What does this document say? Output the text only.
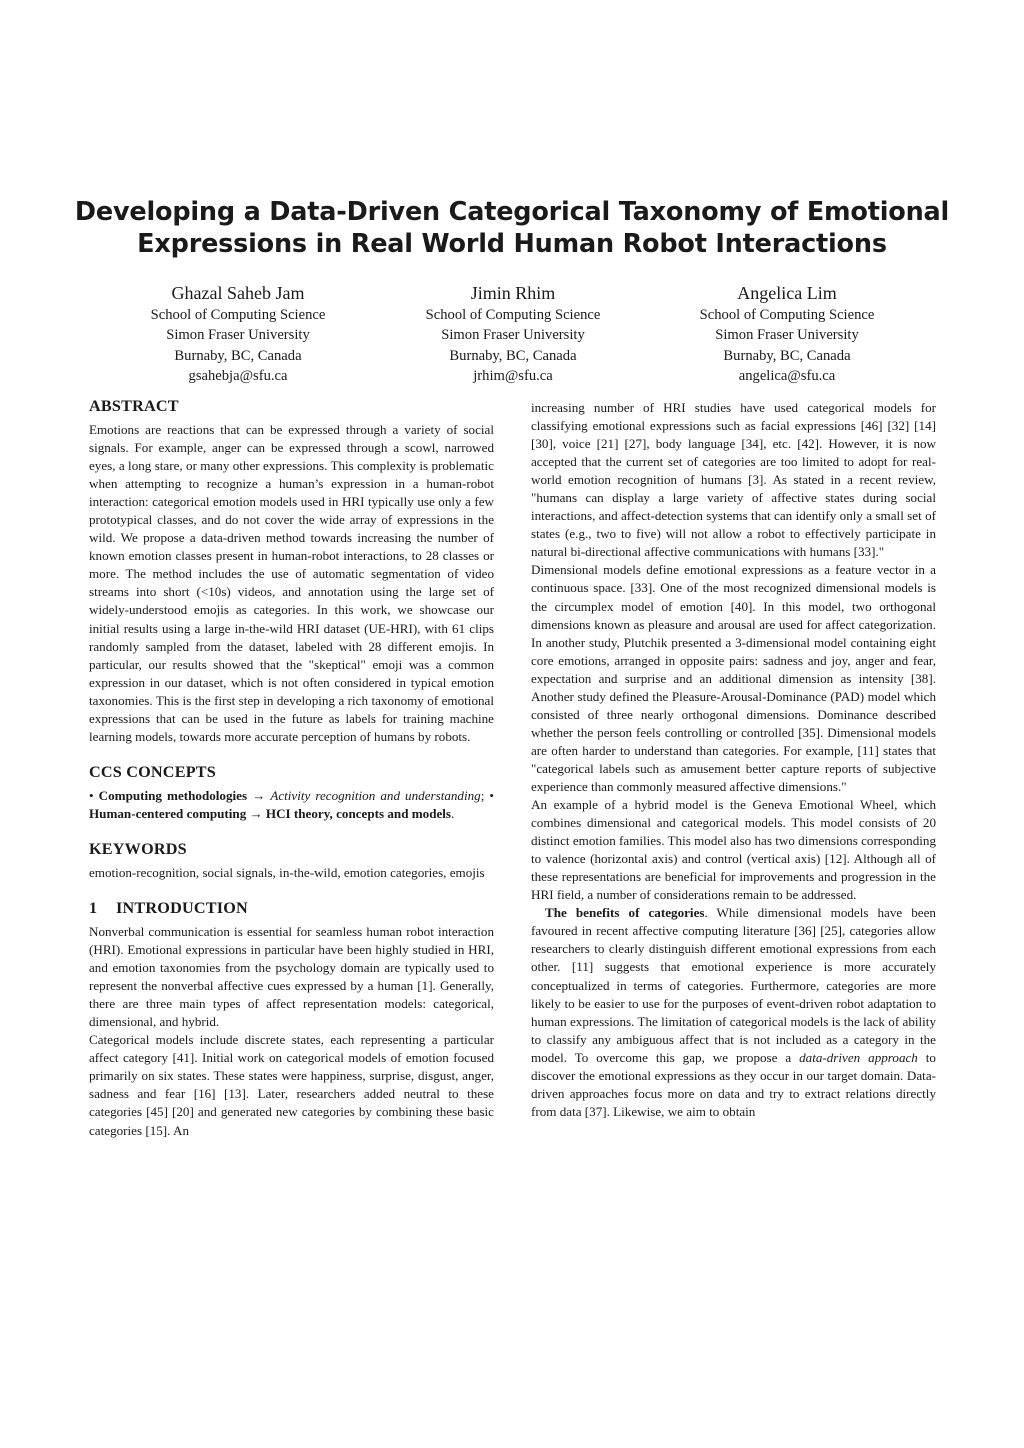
Developing a Data-Driven Categorical Taxonomy of Emotional
Expressions in Real World Human Robot Interactions
Ghazal Saheb Jam
School of Computing Science
Simon Fraser University
Burnaby, BC, Canada
gsahebja@sfu.ca
Jimin Rhim
School of Computing Science
Simon Fraser University
Burnaby, BC, Canada
jrhim@sfu.ca
Angelica Lim
School of Computing Science
Simon Fraser University
Burnaby, BC, Canada
angelica@sfu.ca
ABSTRACT

Emotions are reactions that can be expressed through a variety of social signals. For example, anger can be expressed through a scowl, narrowed eyes, a long stare, or many other expressions. This complexity is problematic when attempting to recognize a human’s expression in a human-robot interaction: categorical emotion models used in HRI typically use only a few prototypical classes, and do not cover the wide array of expressions in the wild. We propose a data-driven method towards increasing the number of known emotion classes present in human-robot interactions, to 28 classes or more. The method includes the use of automatic segmentation of video streams into short (<10s) videos, and annotation using the large set of widely-understood emojis as categories. In this work, we showcase our initial results using a large in-the-wild HRI dataset (UE-HRI), with 61 clips randomly sampled from the dataset, labeled with 28 different emojis. In particular, our results showed that the "skeptical" emoji was a common expression in our dataset, which is not often considered in typical emotion taxonomies. This is the first step in developing a rich taxonomy of emotional expressions that can be used in the future as labels for training machine learning models, towards more accurate perception of humans by robots.

CCS CONCEPTS

• Computing methodologies → Activity recognition and understanding; • Human-centered computing → HCI theory, concepts and models.

KEYWORDS

emotion-recognition, social signals, in-the-wild, emotion categories, emojis

1 INTRODUCTION

Nonverbal communication is essential for seamless human robot interaction (HRI). Emotional expressions in particular have been highly studied in HRI, and emotion taxonomies from the psychology domain are typically used to represent the nonverbal affective cues expressed by a human [1]. Generally, there are three main types of affect representation models: categorical, dimensional, and hybrid.

Categorical models include discrete states, each representing a particular affect category [41]. Initial work on categorical models of emotion focused primarily on six states. These states were happiness, surprise, disgust, anger, sadness and fear [16] [13]. Later, researchers added neutral to these categories [45] [20] and generated new categories by combining these basic categories [15]. An

increasing number of HRI studies have used categorical models for classifying emotional expressions such as facial expressions [46] [32] [14] [30], voice [21] [27], body language [34], etc. [42]. However, it is now accepted that the current set of categories are too limited to adopt for real-world emotion recognition of humans [3]. As stated in a recent review, "humans can display a large variety of affective states during social interactions, and affect-detection systems that can identify only a small set of states (e.g., two to five) will not allow a robot to effectively participate in natural bi-directional affective communications with humans [33]."

Dimensional models define emotional expressions as a feature vector in a continuous space. [33]. One of the most recognized dimensional models is the circumplex model of emotion [40]. In this model, two orthogonal dimensions known as pleasure and arousal are used for affect categorization. In another study, Plutchik presented a 3-dimensional model containing eight core emotions, arranged in opposite pairs: sadness and joy, anger and fear, expectation and surprise and an additional dimension as intensity [38]. Another study defined the Pleasure-Arousal-Dominance (PAD) model which consisted of three nearly orthogonal dimensions. Dominance described whether the person feels controlling or controlled [35]. Dimensional models are often harder to understand than categories. For example, [11] states that "categorical labels such as amusement better capture reports of subjective experience than commonly measured affective dimensions."

An example of a hybrid model is the Geneva Emotional Wheel, which combines dimensional and categorical models. This model consists of 20 distinct emotion families. This model also has two dimensions corresponding to valence (horizontal axis) and control (vertical axis) [12]. Although all of these representations are beneficial for improvements and progression in the HRI field, a number of considerations remain to be addressed.

The benefits of categories. While dimensional models have been favoured in recent affective computing literature [36] [25], categories allow researchers to clearly distinguish different emotional expressions from each other. [11] suggests that emotional experience is more accurately conceptualized in terms of categories. Furthermore, categories are more likely to be easier to use for the purposes of event-driven robot adaptation to human expressions. The limitation of categorical models is the lack of ability to classify any ambiguous affect that is not included as a category in the model. To overcome this gap, we propose a data-driven approach to discover the emotional expressions as they occur in our target domain. Data-driven approaches focus more on data and try to extract relations directly from data [37]. Likewise, we aim to obtain
